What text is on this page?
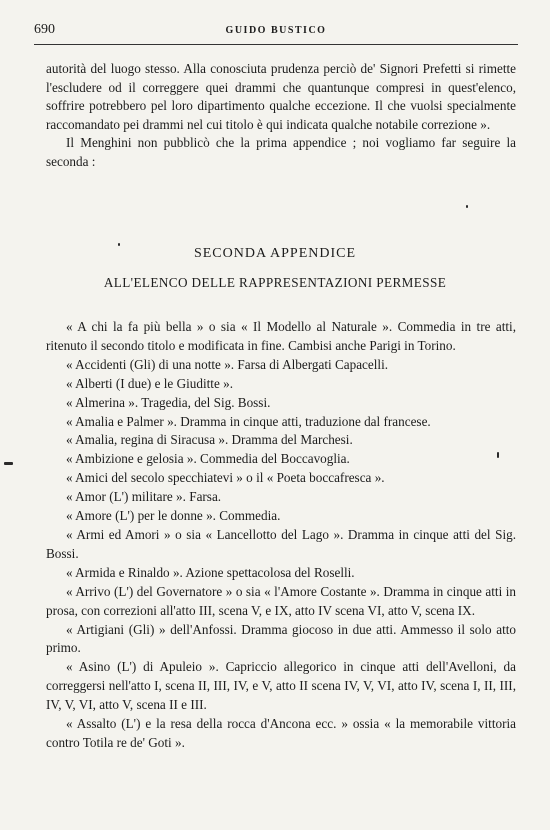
690	GUIDO BUSTICO

autorità del luogo stesso. Alla conosciuta prudenza perciò de' Signori Prefetti si rimette l'escludere od il correggere quei drammi che quantunque compresi in quest'elenco, soffrire potrebbero pel loro dipartimento qualche eccezione. Il che vuolsi specialmente raccomandato pei drammi nel cui titolo è qui indicata qualche notabile correzione ».

Il Menghini non pubblicò che la prima appendice ; noi vogliamo far seguire la seconda :

SECONDA APPENDICE
ALL'ELENCO DELLE RAPPRESENTAZIONI PERMESSE

« A chi la fa più bella » o sia « Il Modello al Naturale ». Commedia in tre atti, ritenuto il secondo titolo e modificata in fine. Cambisi anche Parigi in Torino.

« Accidenti (Gli) di una notte ». Farsa di Albergati Capacelli.

« Alberti (I due) e le Giuditte ».

« Almerina ». Tragedia, del Sig. Bossi.

« Amalia e Palmer ». Dramma in cinque atti, traduzione dal francese.

« Amalia, regina di Siracusa ». Dramma del Marchesi.

« Ambizione e gelosia ». Commedia del Boccavoglia.

« Amici del secolo specchiatevi » o il « Poeta boccafresca ».

« Amor (L') militare ». Farsa.

« Amore (L') per le donne ». Commedia.

« Armi ed Amori » o sia « Lancellotto del Lago ». Dramma in cinque atti del Sig. Bossi.

« Armida e Rinaldo ». Azione spettacolosa del Roselli.

« Arrivo (L') del Governatore » o sia « l'Amore Costante ». Dramma in cinque atti in prosa, con correzioni all'atto III, scena V, e IX, atto IV scena VI, atto V, scena IX.

« Artigiani (Gli) » dell'Anfossi. Dramma giocoso in due atti. Ammesso il solo atto primo.

« Asino (L') di Apuleio ». Capriccio allegorico in cinque atti dell'Avelloni, da correggersi nell'atto I, scena II, III, IV, e V, atto II scena IV, V, VI, atto IV, scena I, II, III, IV, V, VI, atto V, scena II e III.

« Assalto (L') e la resa della rocca d'Ancona ecc. » ossia « la memorabile vittoria contro Totila re de' Goti ».
